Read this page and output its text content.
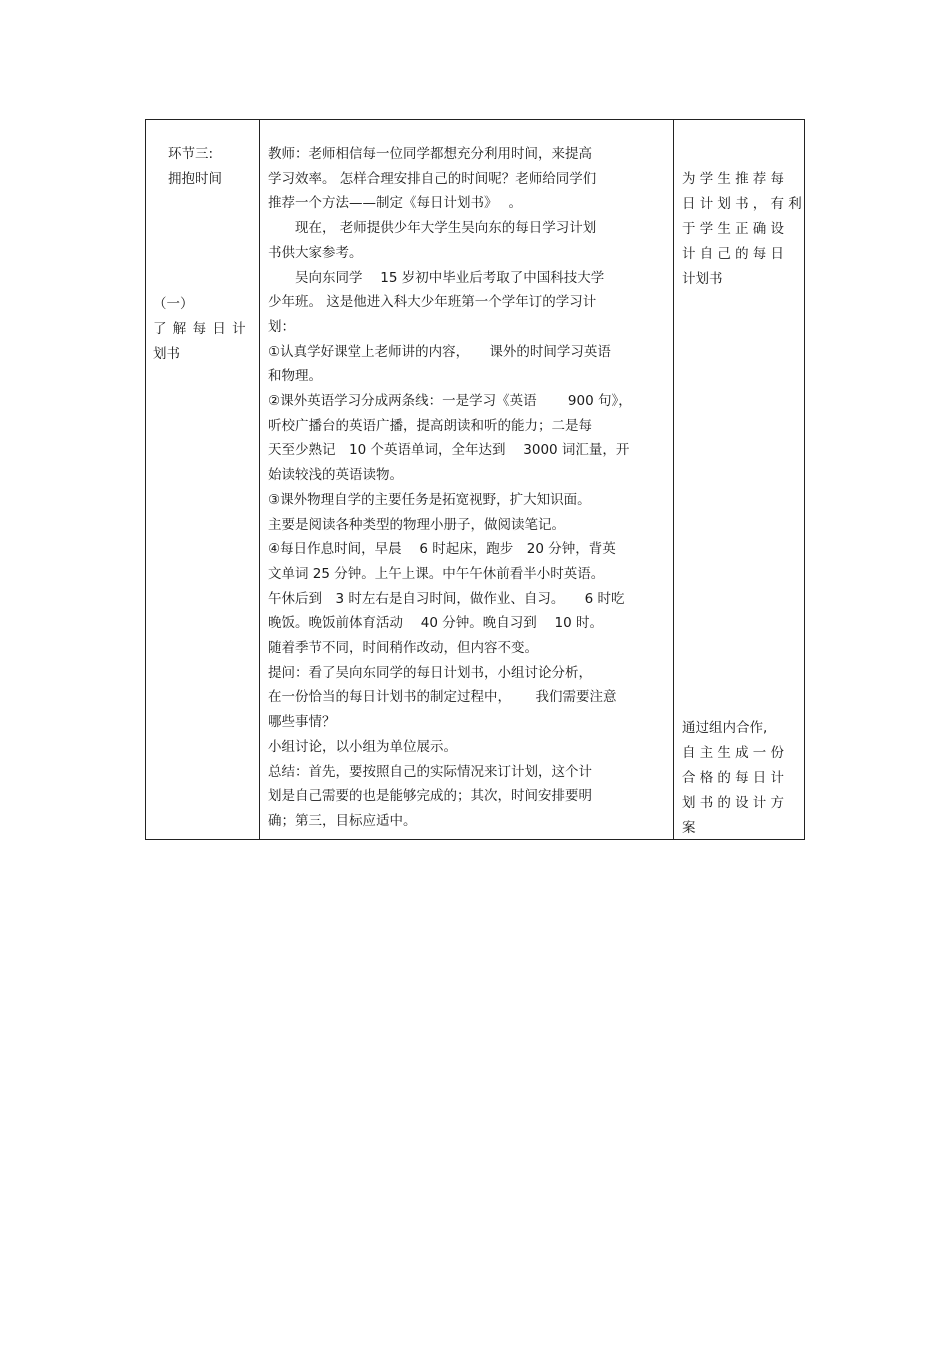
环节三:
拥抱时间
（一）
了 解 每 日 计
划书

教师：老师相信每一位同学都想充分利用时间，来提高
学习效率。 怎样合理安排自己的时间呢？老师给同学们
推荐一个方法——制定《每日计划书》　 。
　　现在， 老师提供少年大学生吴向东的每日学习计划
书供大家参考。
　　吴向东同学　 15 岁初中毕业后考取了中国科技大学
少年班。 这是他进入科大少年班第一个学年订的学习计
划：
①认真学好课堂上老师讲的内容，　　课外的时间学习英语
和物理。
②课外英语学习分成两条线：一是学习《英语　　 900 句》，
听校广播台的英语广播，提高朗读和听的能力；二是每
天至少熟记　10 个英语单词，全年达到　 3000 词汇量，开
始读较浅的英语读物。
③课外物理自学的主要任务是拓宽视野，扩大知识面。
主要是阅读各种类型的物理小册子，做阅读笔记。
④每日作息时间，早晨　 6 时起床，跑步　20 分钟，背英
文单词 25 分钟。上午上课。中午午休前看半小时英语。
午休后到　3 时左右是自习时间，做作业、自习。　　6 时吃
晚饭。晚饭前体育活动　 40 分钟。晚自习到　 10 时。
随着季节不同，时间稍作改动，但内容不变。
提问：看了吴向东同学的每日计划书，小组讨论分析，
在一份恰当的每日计划书的制定过程中，　　 我们需要注意
哪些事情？
小组讨论，以小组为单位展示。
总结：首先，要按照自己的实际情况来订计划，这个计
划是自己需要的也是能够完成的；其次，时间安排要明
确；第三，目标应适中。

为学生推荐每
日计划书，有利
于学生正确设
计自己的每日
计划书
通过组内合作,
自主生成一份
合格的每日计
划书的设计方
案
